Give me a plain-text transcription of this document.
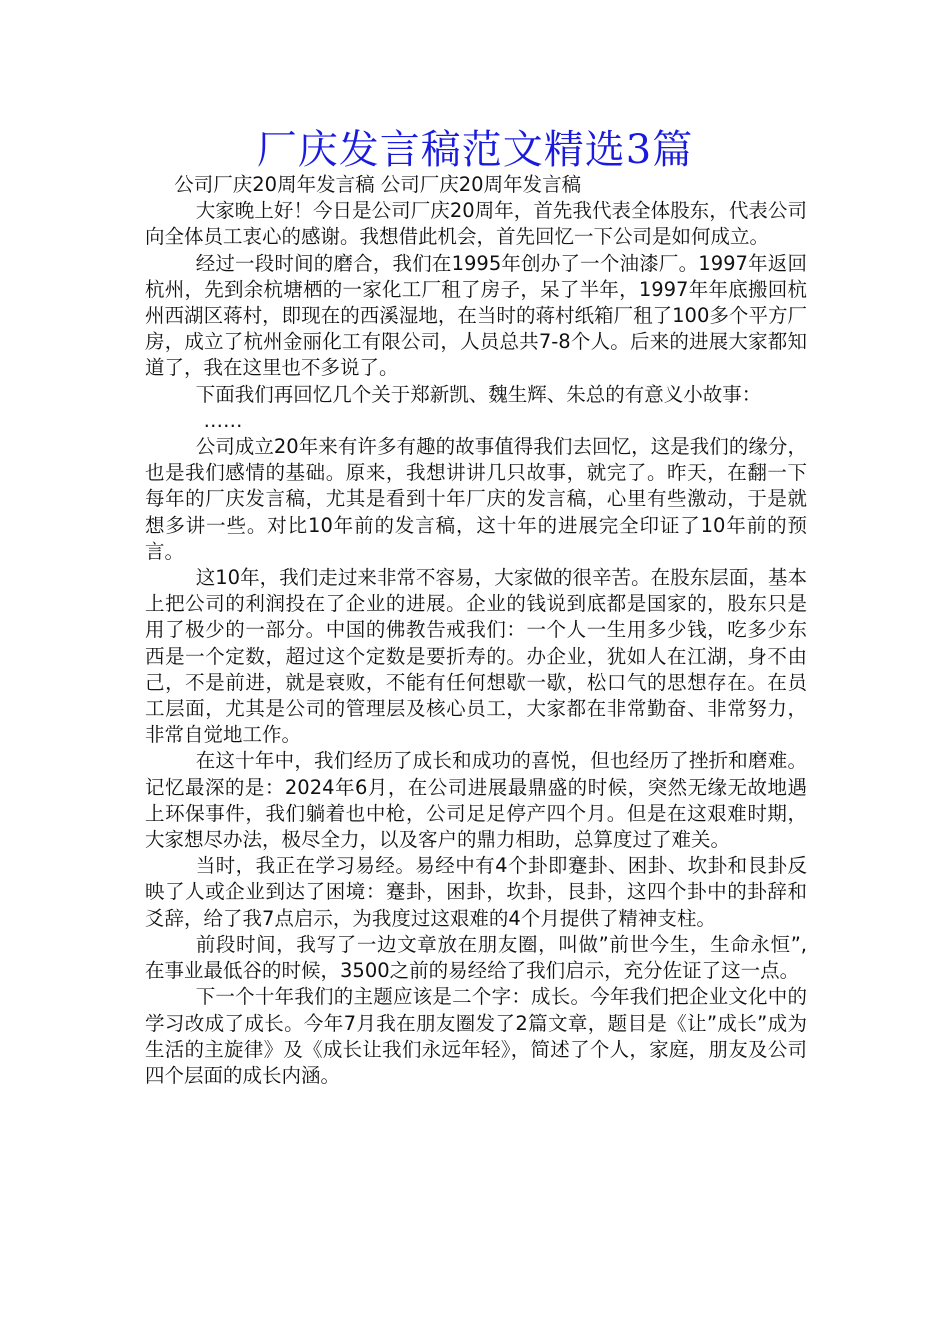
厂庆发言稿范文精选3篇

公司厂庆20周年发言稿 公司厂庆20周年发言稿

大家晚上好！今日是公司厂庆20周年，首先我代表全体股东，代表公司向全体员工衷心的感谢。我想借此机会，首先回忆一下公司是如何成立。

经过一段时间的磨合，我们在1995年创办了一个油漆厂。1997年返回杭州，先到余杭塘栖的一家化工厂租了房子，呆了半年，1997年年底搬回杭州西湖区蒋村，即现在的西溪湿地，在当时的蒋村纸箱厂租了100多个平方厂房，成立了杭州金丽化工有限公司，人员总共7-8个人。后来的进展大家都知道了，我在这里也不多说了。

下面我们再回忆几个关于郑新凯、魏生辉、朱总的有意义小故事：

……

公司成立20年来有许多有趣的故事值得我们去回忆，这是我们的缘分，也是我们感情的基础。原来，我想讲讲几只故事，就完了。昨天，在翻一下每年的厂庆发言稿，尤其是看到十年厂庆的发言稿，心里有些激动，于是就想多讲一些。对比10年前的发言稿，这十年的进展完全印证了10年前的预言。

这10年，我们走过来非常不容易，大家做的很辛苦。在股东层面，基本上把公司的利润投在了企业的进展。企业的钱说到底都是国家的，股东只是用了极少的一部分。中国的佛教告戒我们：一个人一生用多少钱，吃多少东西是一个定数，超过这个定数是要折寿的。办企业，犹如人在江湖，身不由己，不是前进，就是衰败，不能有任何想歇一歇，松口气的思想存在。在员工层面，尤其是公司的管理层及核心员工，大家都在非常勤奋、非常努力，非常自觉地工作。

在这十年中，我们经历了成长和成功的喜悦，但也经历了挫折和磨难。记忆最深的是：2024年6月，在公司进展最鼎盛的时候，突然无缘无故地遇上环保事件，我们躺着也中枪，公司足足停产四个月。但是在这艰难时期，大家想尽办法，极尽全力，以及客户的鼎力相助，总算度过了难关。

当时，我正在学习易经。易经中有4个卦即蹇卦、困卦、坎卦和艮卦反映了人或企业到达了困境：蹇卦，困卦，坎卦，艮卦，这四个卦中的卦辞和爻辞，给了我7点启示，为我度过这艰难的4个月提供了精神支柱。

前段时间，我写了一边文章放在朋友圈，叫做”前世今生，生命永恒”,在事业最低谷的时候，3500之前的易经给了我们启示，充分佐证了这一点。

下一个十年我们的主题应该是二个字：成长。今年我们把企业文化中的学习改成了成长。今年7月我在朋友圈发了2篇文章，题目是《让”成长”成为生活的主旋律》及《成长让我们永远年轻》，简述了个人，家庭，朋友及公司四个层面的成长内涵。
